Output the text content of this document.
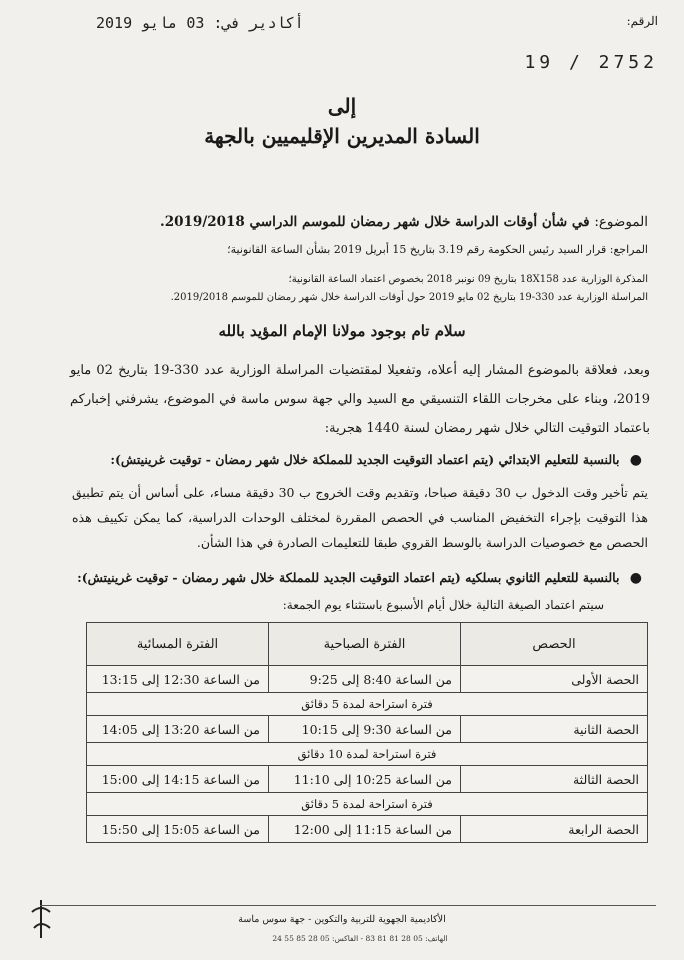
أكادير في: 03 مايو 2019	الرقم:
19 / 2752
إلى
السادة المديرين الإقليميين بالجهة
الموضوع: في شأن أوقات الدراسة خلال شهر رمضان للموسم الدراسي 2019/2018.
المراجع: قرار السيد رئيس الحكومة رقم 3.19 بتاريخ 15 أبريل 2019 بشأن الساعة القانونية؛
المذكرة الوزارية عدد 18X158 بتاريخ 09 نونبر 2018 بخصوص اعتماد الساعة القانونية؛
المراسلة الوزارية عدد 330-19 بتاريخ 02 مايو 2019 حول أوقات الدراسة خلال شهر رمضان للموسم 2019/2018.
سلام تام بوجود مولانا الإمام المؤيد بالله
وبعد، فعلاقة بالموضوع المشار إليه أعلاه، وتفعيلا لمقتضيات المراسلة الوزارية عدد 330-19 بتاريخ 02 مايو 2019، وبناء على مخرجات اللقاء التنسيقي مع السيد والي جهة سوس ماسة في الموضوع، يشرفني إخباركم باعتماد التوقيت التالي خلال شهر رمضان لسنة 1440 هجرية:
● بالنسبة للتعليم الابتدائي (يتم اعتماد التوقيت الجديد للمملكة خلال شهر رمضان - توقيت غرينيتش):
يتم تأخير وقت الدخول ب 30 دقيقة صباحا، وتقديم وقت الخروج ب 30 دقيقة مساء، على أساس أن يتم تطبيق هذا التوقيت بإجراء التخفيض المناسب في الحصص المقررة لمختلف الوحدات الدراسية، كما يمكن تكييف هذه الحصص مع خصوصيات الدراسة بالوسط القروي طبقا للتعليمات الصادرة في هذا الشأن.
● بالنسبة للتعليم الثانوي بسلكيه (يتم اعتماد التوقيت الجديد للمملكة خلال شهر رمضان - توقيت غرينيتش):
سيتم اعتماد الصيغة التالية خلال أيام الأسبوع باستثناء يوم الجمعة:
الحصص	الفترة الصباحية	الفترة المسائية
الحصة الأولى	من الساعة 8:40 إلى 9:25	من الساعة 12:30 إلى 13:15
فترة استراحة لمدة 5 دقائق		
الحصة الثانية	من الساعة 9:30 إلى 10:15	من الساعة 13:20 إلى 14:05
فترة استراحة لمدة 10 دقائق		
الحصة الثالثة	من الساعة 10:25 إلى 11:10	من الساعة 14:15 إلى 15:00
فترة استراحة لمدة 5 دقائق		
الحصة الرابعة	من الساعة 11:15 إلى 12:00	من الساعة 15:05 إلى 15:50
الأكاديمية الجهوية للتربية والتكوين - جهة سوس ماسة
الهاتف: 05 28 81 81 83 - الفاكس: 05 28 85 55 24
